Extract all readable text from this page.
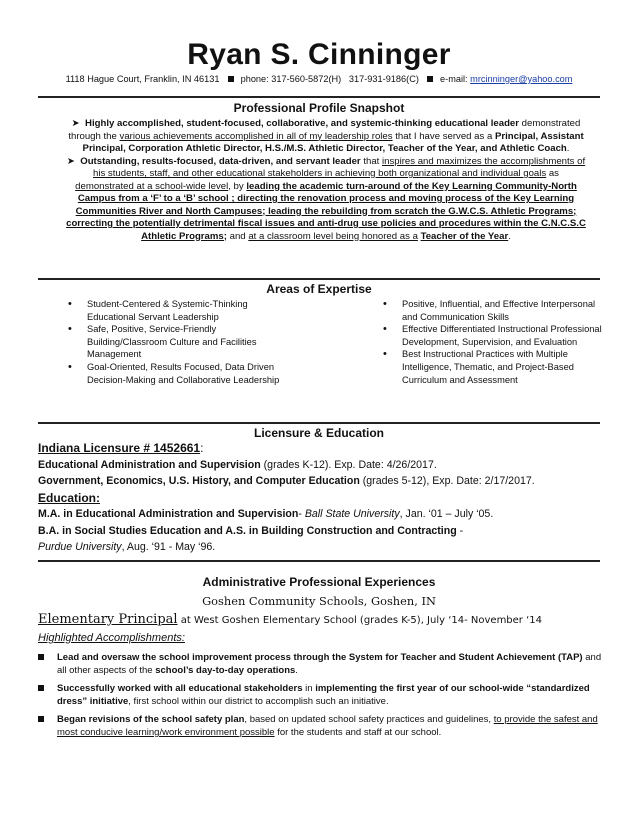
Ryan S. Cinninger
1118 Hague Court, Franklin, IN 46131 phone: 317-560-5872(H) 317-931-9186(C) e-mail: mrcinninger@yahoo.com
Professional Profile Snapshot

➤ Highly accomplished, student-focused, collaborative, and systemic-thinking educational leader demonstrated through the various achievements accomplished in all of my leadership roles that I have served as a Principal, Assistant Principal, Corporation Athletic Director, H.S./M.S. Athletic Director, Teacher of the Year, and Athletic Coach.

➤ Outstanding, results-focused, data-driven, and servant leader that inspires and maximizes the accomplishments of his students, staff, and other educational stakeholders in achieving both organizational and individual goals as demonstrated at a school-wide level, by leading the academic turn-around of the Key Learning Community-North Campus from a ‘F’ to a ‘B’ school ; directing the renovation process and moving process of the Key Learning Communities River and North Campuses; leading the rebuilding from scratch the G.W.C.S. Athletic Programs; correcting the potentially detrimental fiscal issues and anti-drug use policies and procedures within the C.N.C.S.C Athletic Programs; and at a classroom level being honored as a Teacher of the Year.

Areas of Expertise
• Student-Centered & Systemic-Thinking Educational Servant Leadership
• Safe, Positive, Service-Friendly Building/Classroom Culture and Facilities Management
• Goal-Oriented, Results Focused, Data Driven Decision-Making and Collaborative Leadership
• Positive, Influential, and Effective Interpersonal and Communication Skills
• Effective Differentiated Instructional Professional Development, Supervision, and Evaluation
• Best Instructional Practices with Multiple Intelligence, Thematic, and Project-Based Curriculum and Assessment
Licensure & Education

Indiana Licensure # 1452661:

Educational Administration and Supervision (grades K-12). Exp. Date: 4/26/2017.

Government, Economics, U.S. History, and Computer Education (grades 5-12), Exp. Date: 2/17/2017.

Education:

M.A. in Educational Administration and Supervision- Ball State University, Jan. ‘01 – July ‘05.

B.A. in Social Studies Education and A.S. in Building Construction and Contracting -

Purdue University, Aug. ‘91 - May ‘96.

Administrative Professional Experiences
Goshen Community Schools, Goshen, IN
Elementary Principal at West Goshen Elementary School (grades K-5), July ‘14- November ‘14
Highlighted Accomplishments:
Lead and oversaw the school improvement process through the System for Teacher and Student Achievement (TAP) and all other aspects of the school’s day-to-day operations.
Successfully worked with all educational stakeholders in implementing the first year of our school-wide “standardized dress” initiative, first school within our district to accomplish such an initiative.
Began revisions of the school safety plan, based on updated school safety practices and guidelines, to provide the safest and most conducive learning/work environment possible for the students and staff at our school.
